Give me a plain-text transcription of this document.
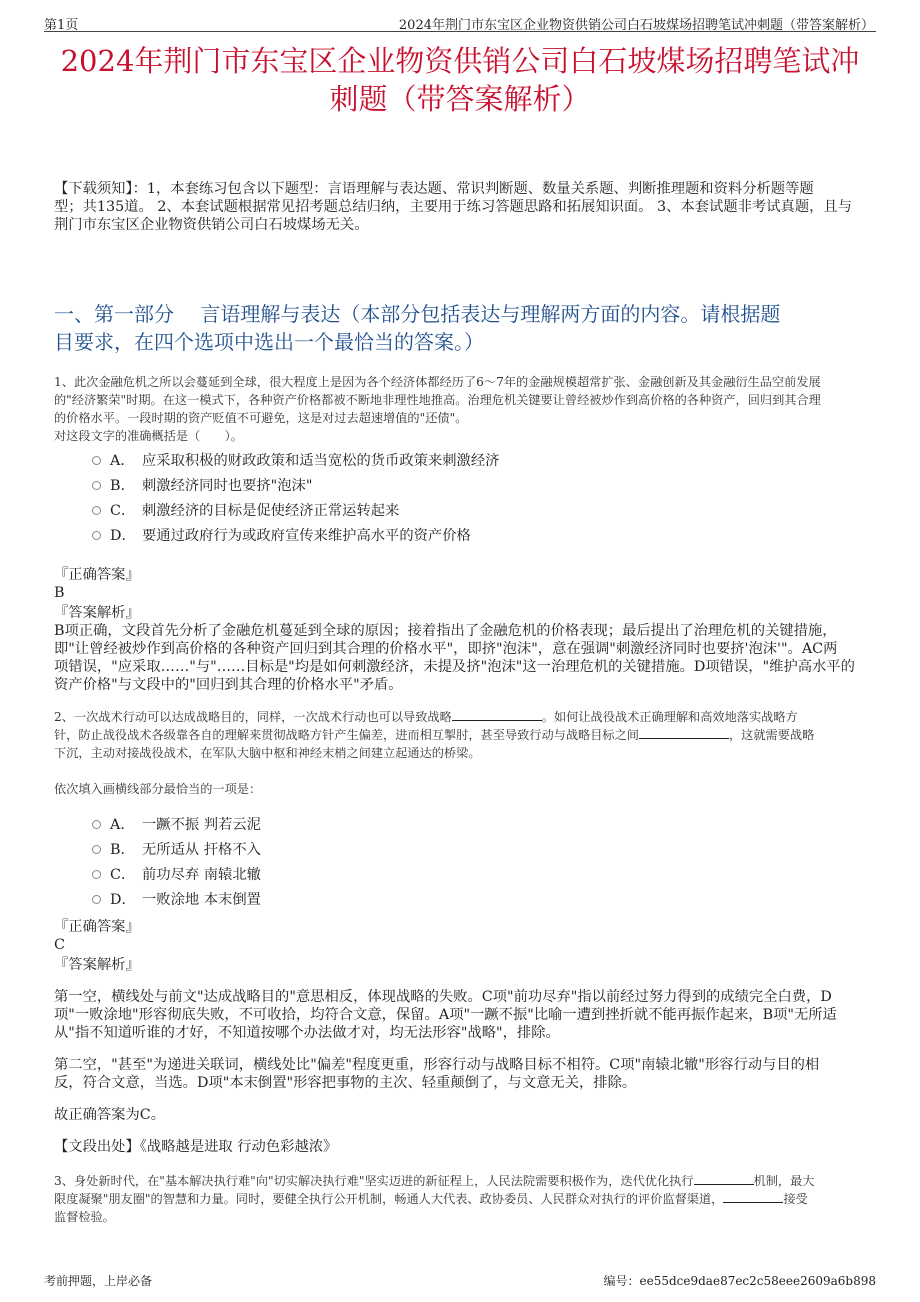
第1页	2024年荆门市东宝区企业物资供销公司白石坡煤场招聘笔试冲刺题（带答案解析）
2024年荆门市东宝区企业物资供销公司白石坡煤场招聘笔试冲
刺题（带答案解析）
【下载须知】：1，本套练习包含以下题型：言语理解与表达题、常识判断题、数量关系题、判断推理题和资料分析题等题
型；共135道。 2、本套试题根据常见招考题总结归纳，主要用于练习答题思路和拓展知识面。 3、本套试题非考试真题，且与
荆门市东宝区企业物资供销公司白石坡煤场无关。
一、第一部分　 言语理解与表达（本部分包括表达与理解两方面的内容。请根据题
目要求，在四个选项中选出一个最恰当的答案。）
1、此次金融危机之所以会蔓延到全球，很大程度上是因为各个经济体都经历了6～7年的金融规模超常扩张、金融创新及其金融衍生品空前发展
的"经济繁荣"时期。在这一模式下，各种资产价格都被不断地非理性地推高。治理危机关键要让曾经被炒作到高价格的各种资产，回归到其合理
的价格水平。一段时期的资产贬值不可避免，这是对过去超速增值的"还债"。
对这段文字的准确概括是（　　）。
A． 应采取积极的财政政策和适当宽松的货币政策来刺激经济
B． 刺激经济同时也要挤"泡沫"
C． 刺激经济的目标是促使经济正常运转起来
D． 要通过政府行为或政府宣传来维护高水平的资产价格
『正确答案』
B
『答案解析』
B项正确，文段首先分析了金融危机蔓延到全球的原因；接着指出了金融危机的价格表现；最后提出了治理危机的关键措施，
即"让曾经被炒作到高价格的各种资产回归到其合理的价格水平"，即挤"泡沫"，意在强调"刺激经济同时也要挤'泡沫'"。AC两
项错误，"应采取……"与"……目标是"均是如何刺激经济，未提及挤"泡沫"这一治理危机的关键措施。D项错误，"维护高水平的
资产价格"与文段中的"回归到其合理的价格水平"矛盾。
2、一次战术行动可以达成战略目的，同样，一次战术行动也可以导致战略	。如何让战役战术正确理解和高效地落实战略方
针，防止战役战术各级靠各自的理解来贯彻战略方针产生偏差，进而相互掣肘，甚至导致行动与战略目标之间	，这就需要战略
下沉，主动对接战役战术，在军队大脑中枢和神经末梢之间建立起通达的桥梁。
依次填入画横线部分最恰当的一项是：
A． 一蹶不振 判若云泥
B． 无所适从 扞格不入
C． 前功尽弃 南辕北辙
D． 一败涂地 本末倒置
『正确答案』
C
『答案解析』
第一空，横线处与前文"达成战略目的"意思相反，体现战略的失败。C项"前功尽弃"指以前经过努力得到的成绩完全白费，D
项"一败涂地"形容彻底失败，不可收拾，均符合文意，保留。A项"一蹶不振"比喻一遭到挫折就不能再振作起来，B项"无所适
从"指不知道听谁的才好，不知道按哪个办法做才对，均无法形容"战略"，排除。
第二空，"甚至"为递进关联词，横线处比"偏差"程度更重，形容行动与战略目标不相符。C项"南辕北辙"形容行动与目的相
反，符合文意，当选。D项"本末倒置"形容把事物的主次、轻重颠倒了，与文意无关，排除。
故正确答案为C。
【文段出处】《战略越是进取 行动色彩越浓》
3、身处新时代，在"基本解决执行难"向"切实解决执行难"坚实迈进的新征程上，人民法院需要积极作为，迭代优化执行	机制，最大
限度凝聚"朋友圈"的智慧和力量。同时，要健全执行公开机制，畅通人大代表、政协委员、人民群众对执行的评价监督渠道，	接受
监督检验。
考前押题，上岸必备	编号：ee55dce9dae87ec2c58eee2609a6b898
